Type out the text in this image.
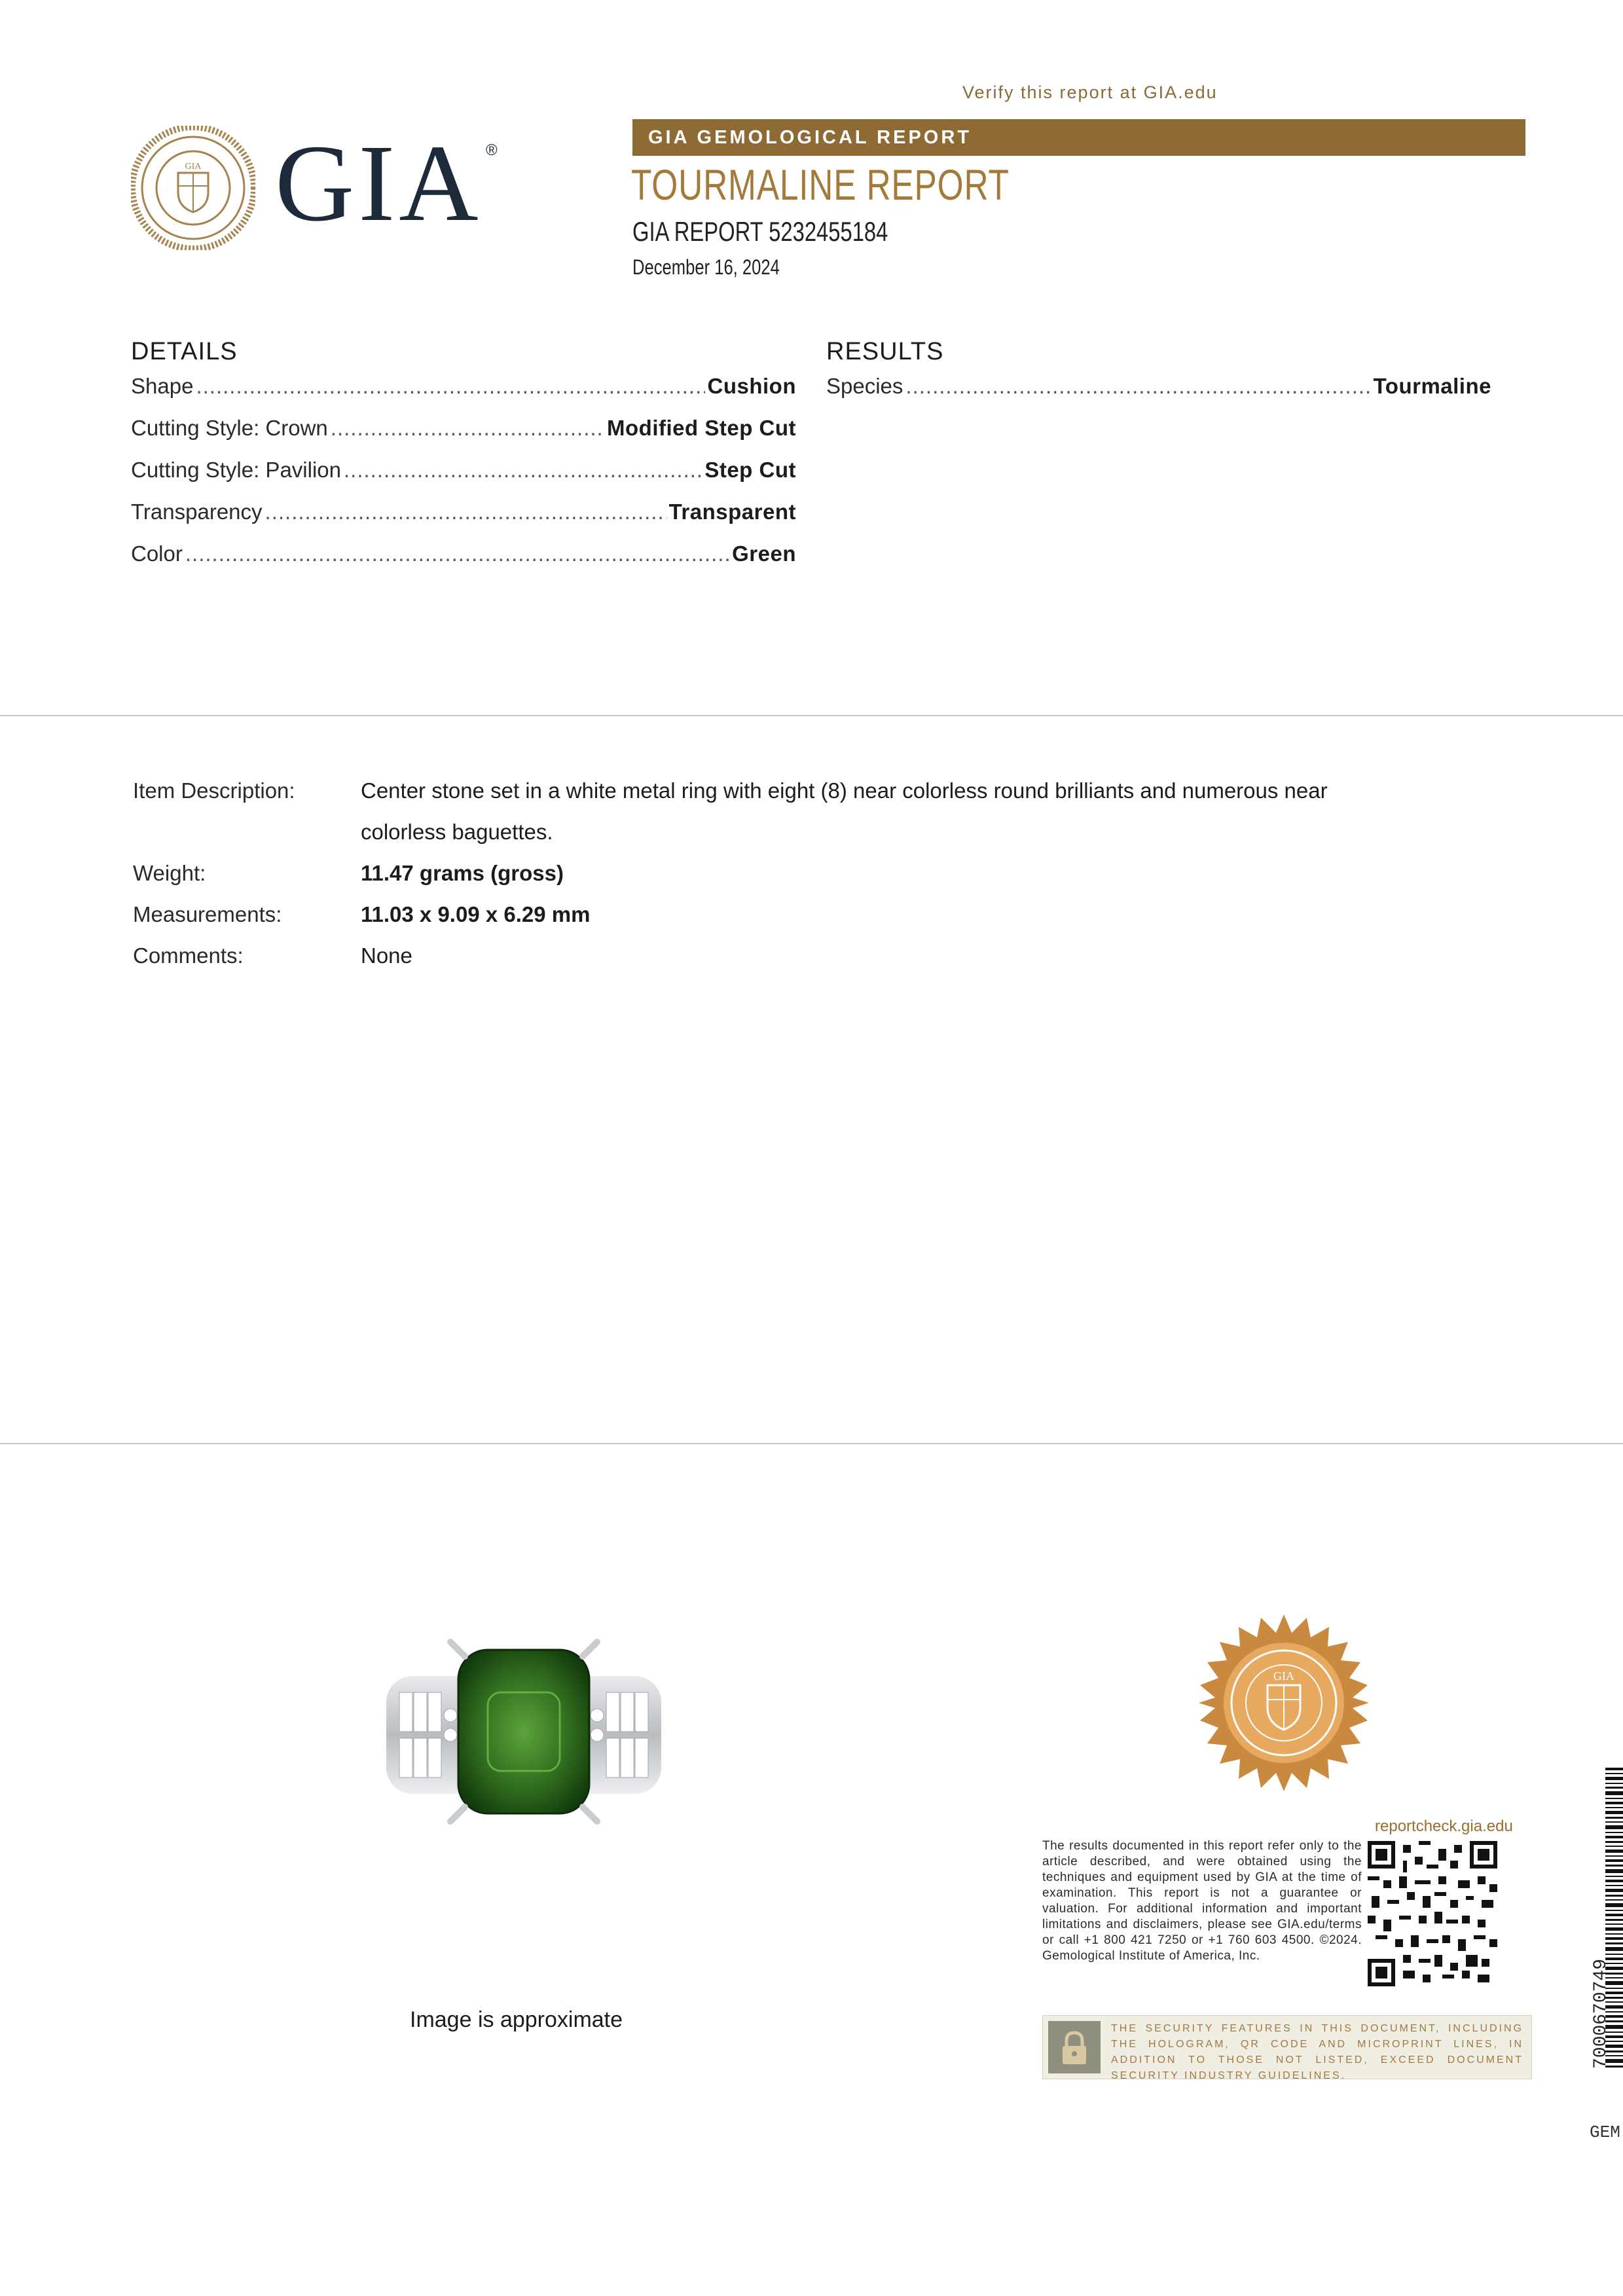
Verify this report at GIA.edu
GIA GIA ®
GIA GEMOLOGICAL REPORT
TOURMALINE REPORT
GIA REPORT 5232455184
December 16, 2024
DETAILS
Shape .....	Cushion
Cutting Style: Crown .....	Modified Step Cut
Cutting Style: Pavilion .....	Step Cut
Transparency .....	Transparent
Color .....	Green
RESULTS
Species .....	Tourmaline
Item Description:	Center stone set in a white metal ring with eight (8) near colorless round brilliants and numerous near colorless baguettes.
Weight:	11.47 grams (gross)
Measurements:	11.03 x 9.09 x 6.29 mm
Comments:	None
Image is approximate
GIA
reportcheck.gia.edu
The results documented in this report refer only to the article described, and were obtained using the techniques and equipment used by GIA at the time of examination. This report is not a guarantee or valuation. For additional information and important limitations and disclaimers, please see GIA.edu/terms or call +1 800 421 7250 or +1 760 603 4500. ©2024. Gemological Institute of America, Inc.
THE SECURITY FEATURES IN THIS DOCUMENT, INCLUDING THE HOLOGRAM, QR CODE AND MICROPRINT LINES, IN ADDITION TO THOSE NOT LISTED, EXCEED DOCUMENT SECURITY INDUSTRY GUIDELINES.
7000670749
GEM
